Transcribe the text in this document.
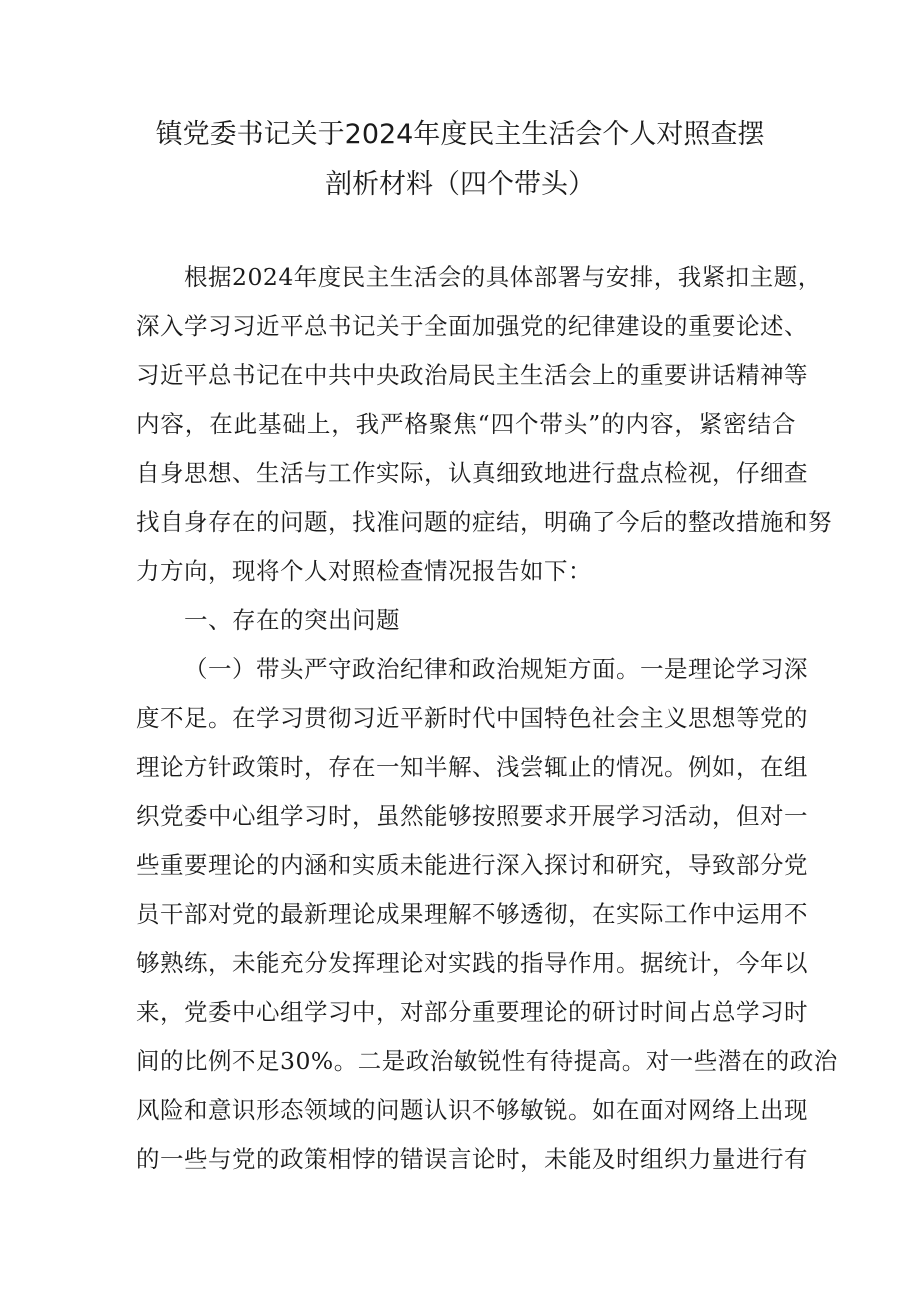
镇党委书记关于2024年度民主生活会个人对照查摆
剖析材料（四个带头）
根据2024年度民主生活会的具体部署与安排，我紧扣主题，
深入学习习近平总书记关于全面加强党的纪律建设的重要论述、
习近平总书记在中共中央政治局民主生活会上的重要讲话精神等
内容，在此基础上，我严格聚焦“四个带头”的内容，紧密结合
自身思想、生活与工作实际，认真细致地进行盘点检视，仔细查
找自身存在的问题，找准问题的症结，明确了今后的整改措施和努
力方向，现将个人对照检查情况报告如下：
一、存在的突出问题
（一）带头严守政治纪律和政治规矩方面。一是理论学习深
度不足。在学习贯彻习近平新时代中国特色社会主义思想等党的
理论方针政策时，存在一知半解、浅尝辄止的情况。例如，在组
织党委中心组学习时，虽然能够按照要求开展学习活动，但对一
些重要理论的内涵和实质未能进行深入探讨和研究，导致部分党
员干部对党的最新理论成果理解不够透彻，在实际工作中运用不
够熟练，未能充分发挥理论对实践的指导作用。据统计，今年以
来，党委中心组学习中，对部分重要理论的研讨时间占总学习时
间的比例不足30%。二是政治敏锐性有待提高。对一些潜在的政治
风险和意识形态领域的问题认识不够敏锐。如在面对网络上出现
的一些与党的政策相悖的错误言论时，未能及时组织力量进行有
